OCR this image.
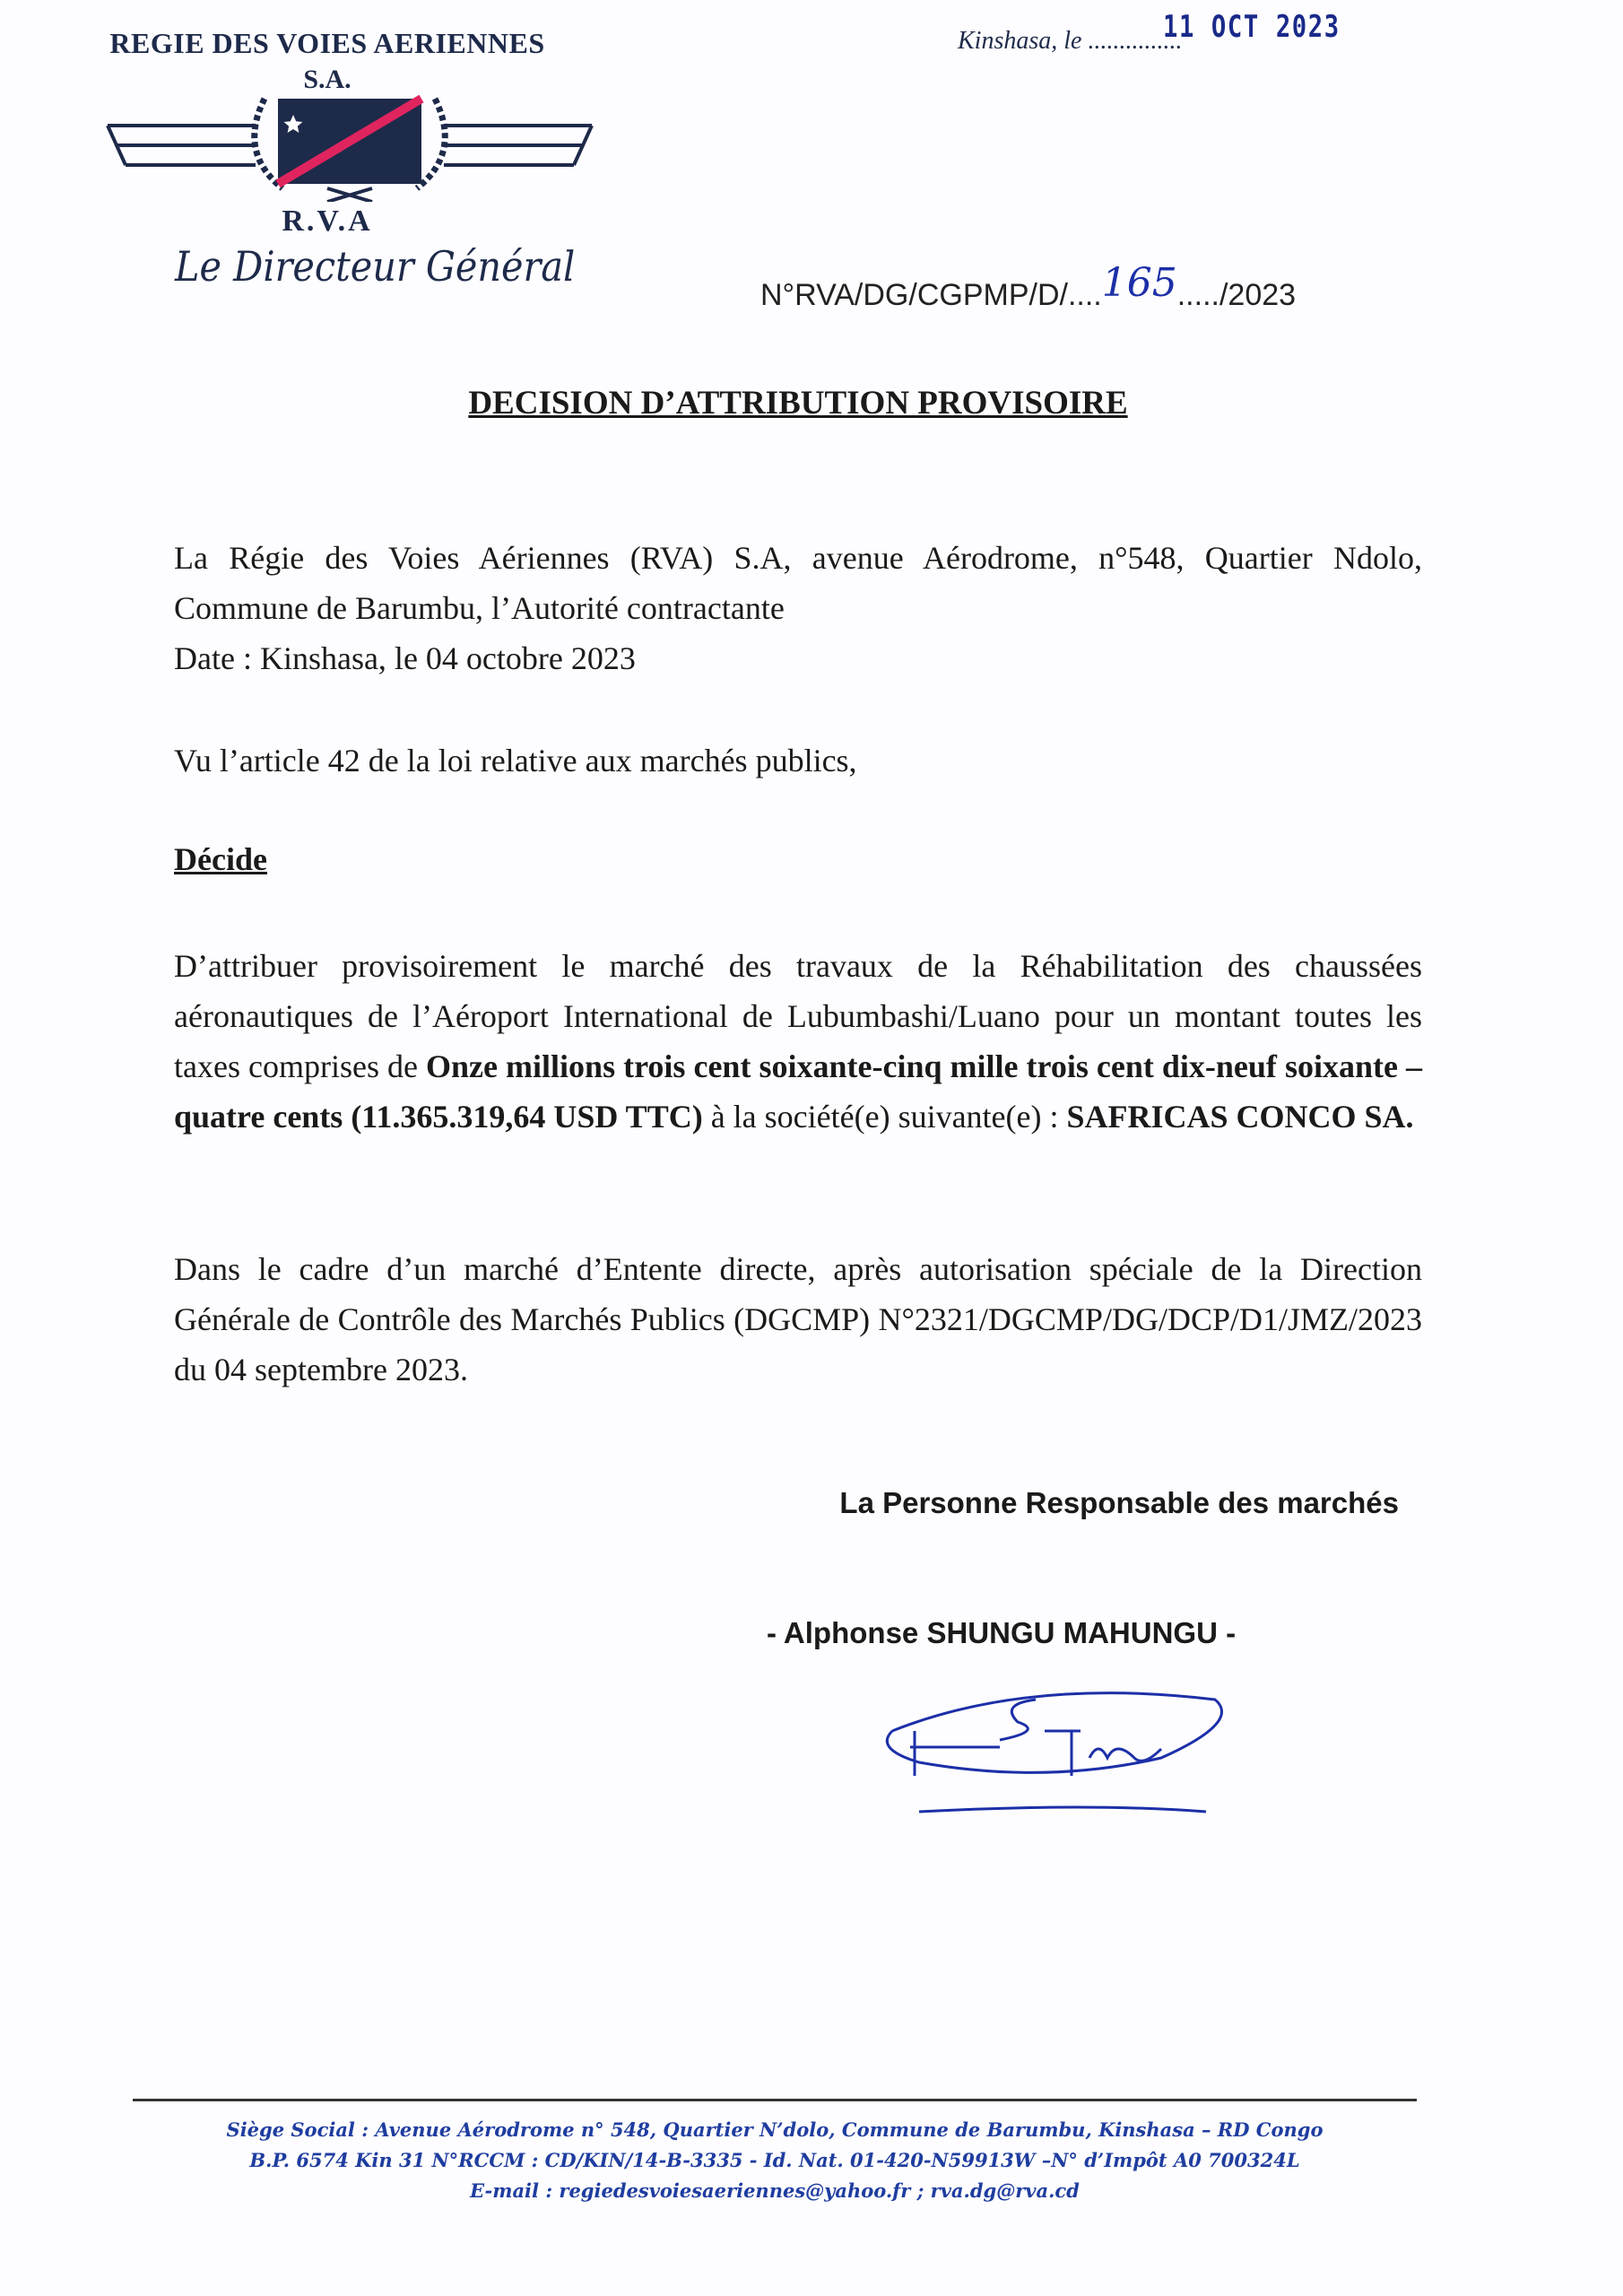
REGIE DES VOIES AERIENNES
S.A.
R.V.A
Le Directeur Général
Kinshasa, le ...............
11 OCT 2023
N°RVA/DG/CGPMP/D/....165...../2023
DECISION D’ATTRIBUTION PROVISOIRE
La Régie des Voies Aériennes (RVA) S.A, avenue Aérodrome, n°548, Quartier Ndolo, Commune de Barumbu, l’Autorité contractante
Date : Kinshasa, le 04 octobre 2023
Vu l’article 42 de la loi relative aux marchés publics,
Décide
D’attribuer provisoirement le marché des travaux de la Réhabilitation des chaussées aéronautiques de l’Aéroport International de Lubumbashi/Luano pour un montant toutes les taxes comprises de Onze millions trois cent soixante-cinq mille trois cent dix-neuf soixante –quatre cents (11.365.319,64 USD TTC) à la société(e) suivante(e) : SAFRICAS CONCO SA.
Dans le cadre d’un marché d’Entente directe, après autorisation spéciale de la Direction Générale de Contrôle des Marchés Publics (DGCMP) N°2321/DGCMP/DG/DCP/D1/JMZ/2023 du 04 septembre 2023.
La Personne Responsable des marchés
- Alphonse SHUNGU MAHUNGU -
Siège Social : Avenue Aérodrome n° 548, Quartier N’dolo, Commune de Barumbu, Kinshasa – RD Congo
B.P. 6574 Kin 31 N°RCCM : CD/KIN/14-B-3335 - Id. Nat. 01-420-N59913W –N° d’Impôt A0 700324L
E-mail : regiedesvoiesaeriennes@yahoo.fr ; rva.dg@rva.cd
